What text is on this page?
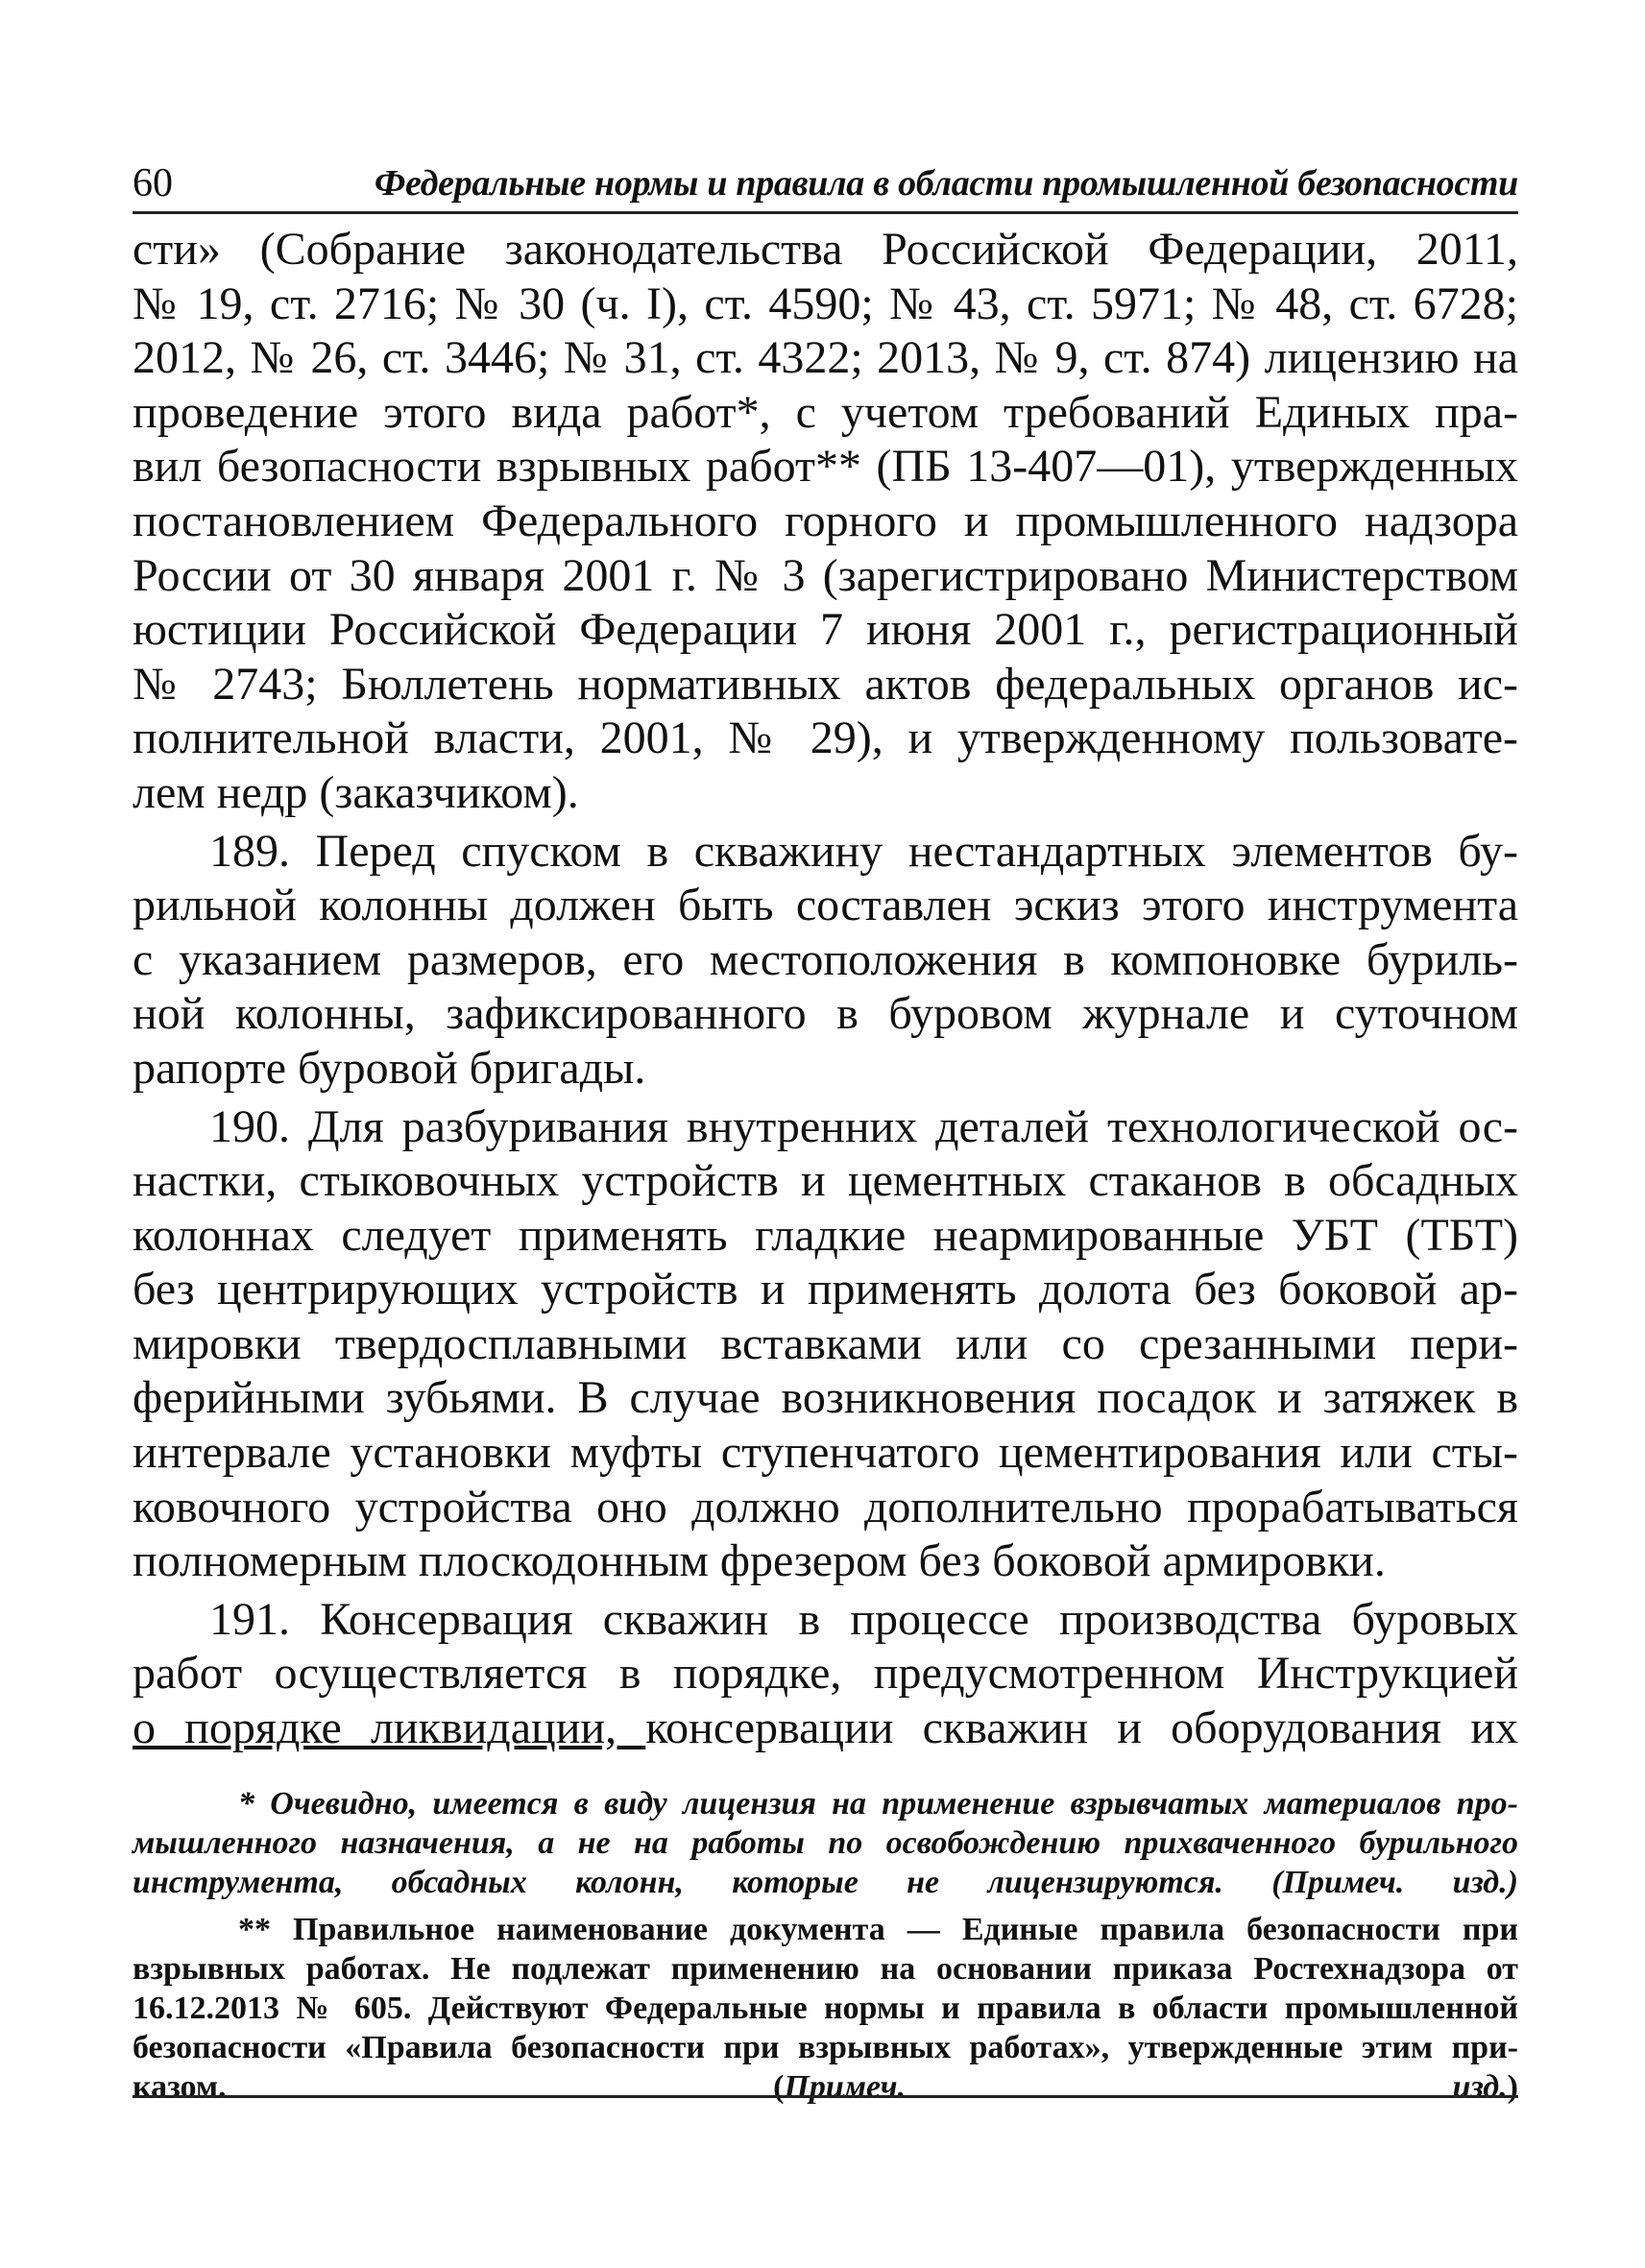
60	Федеральные нормы и правила в области промышленной безопасности

сти» (Собрание законодательства Российской Федерации, 2011,
№ 19, ст. 2716; № 30 (ч. I), ст. 4590; № 43, ст. 5971; № 48, ст. 6728;
2012, № 26, ст. 3446; № 31, ст. 4322; 2013, № 9, ст. 874) лицензию на
проведение этого вида работ*, с учетом требований Единых пра-
вил безопасности взрывных работ** (ПБ 13-407—01), утвержденных
постановлением Федерального горного и промышленного надзора
России от 30 января 2001 г. № 3 (зарегистрировано Министерством
юстиции Российской Федерации 7 июня 2001 г., регистрационный
№ 2743; Бюллетень нормативных актов федеральных органов ис-
полнительной власти, 2001, № 29), и утвержденному пользовате-
лем недр (заказчиком).

189. Перед спуском в скважину нестандартных элементов бу-
рильной колонны должен быть составлен эскиз этого инструмента
с указанием размеров, его местоположения в компоновке буриль-
ной колонны, зафиксированного в буровом журнале и суточном
рапорте буровой бригады.

190. Для разбуривания внутренних деталей технологической ос-
настки, стыковочных устройств и цементных стаканов в обсадных
колоннах следует применять гладкие неармированные УБТ (ТБТ)
без центрирующих устройств и применять долота без боковой ар-
мировки твердосплавными вставками или со срезанными пери-
ферийными зубьями. В случае возникновения посадок и затяжек в
интервале установки муфты ступенчатого цементирования или сты-
ковочного устройства оно должно дополнительно прорабатываться
полномерным плоскодонным фрезером без боковой армировки.

191. Консервация скважин в процессе производства буровых
работ осуществляется в порядке, предусмотренном Инструкцией
о порядке ликвидации, консервации скважин и оборудования их

* Очевидно, имеется в виду лицензия на применение взрывчатых материалов про-
мышленного назначения, а не на работы по освобождению прихваченного бурильного
инструмента, обсадных колонн, которые не лицензируются. (Примеч. изд.)

** Правильное наименование документа — Единые правила безопасности при
взрывных работах. Не подлежат применению на основании приказа Ростехнадзора от
16.12.2013 № 605. Действуют Федеральные нормы и правила в области промышленной
безопасности «Правила безопасности при взрывных работах», утвержденные этим при-
казом. (Примеч. изд.)
